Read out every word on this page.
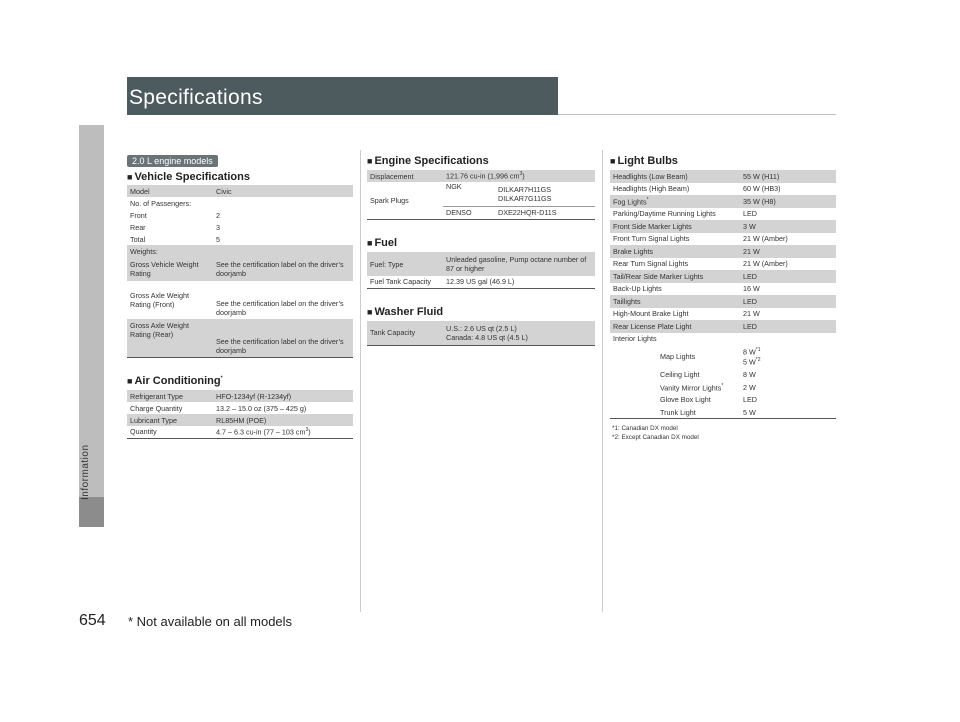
Specifications
Information
2.0 L engine models
■ Vehicle Specifications
Model	Civic
No. of Passengers:	
Front	2
Rear	3
Total	5
Weights:	
Gross Vehicle Weight Rating	See the certification label on the driver’s doorjamb
Gross Axle Weight Rating (Front)	See the certification label on the driver’s doorjamb
Gross Axle Weight Rating (Rear)	See the certification label on the driver’s doorjamb
■ Air Conditioning*
Refrigerant Type	HFO-1234yf (R-1234yf)
Charge Quantity	13.2 – 15.0 oz (375 – 425 g)
Lubricant Type	RL85HM (POE)
Quantity	4.7 – 6.3 cu-in (77 – 103 $cm^3$)
■ Engine Specifications
Displacement	121.76 cu-in (1,996 $cm^3$)	
Spark Plugs	NGK	DILKAR7H11GS
DILKAR7G11GS

	DENSO	DXE22HQR-D11S
■ Fuel
Fuel: Type	Unleaded gasoline, Pump octane number of 87 or higher
Fuel Tank Capacity	12.39 US gal (46.9 L)
■ Washer Fluid
Tank Capacity	U.S.: 2.6 US qt (2.5 L)
Canada: 4.8 US qt (4.5 L)
■ Light Bulbs
Headlights (Low Beam)	55 W (H11)
Headlights (High Beam)	60 W (HB3)
Fog Lights*	35 W (H8)
Parking/Daytime Running Lights	LED
Front Side Marker Lights	3 W
Front Turn Signal Lights	21 W (Amber)
Brake Lights	21 W
Rear Turn Signal Lights	21 W (Amber)
Tail/Rear Side Marker Lights	LED
Back-Up Lights	16 W
Taillights	LED
High-Mount Brake Light	21 W
Rear License Plate Light	LED
Interior Lights	
Map Lights	8 $W^{*1}$
5 $W^{*2}$

Ceiling Light	8 W
Vanity Mirror Lights*	2 W
Glove Box Light	LED
Trunk Light	5 W
*1: Canadian DX model
*2: Except Canadian DX model
654 * Not available on all models
